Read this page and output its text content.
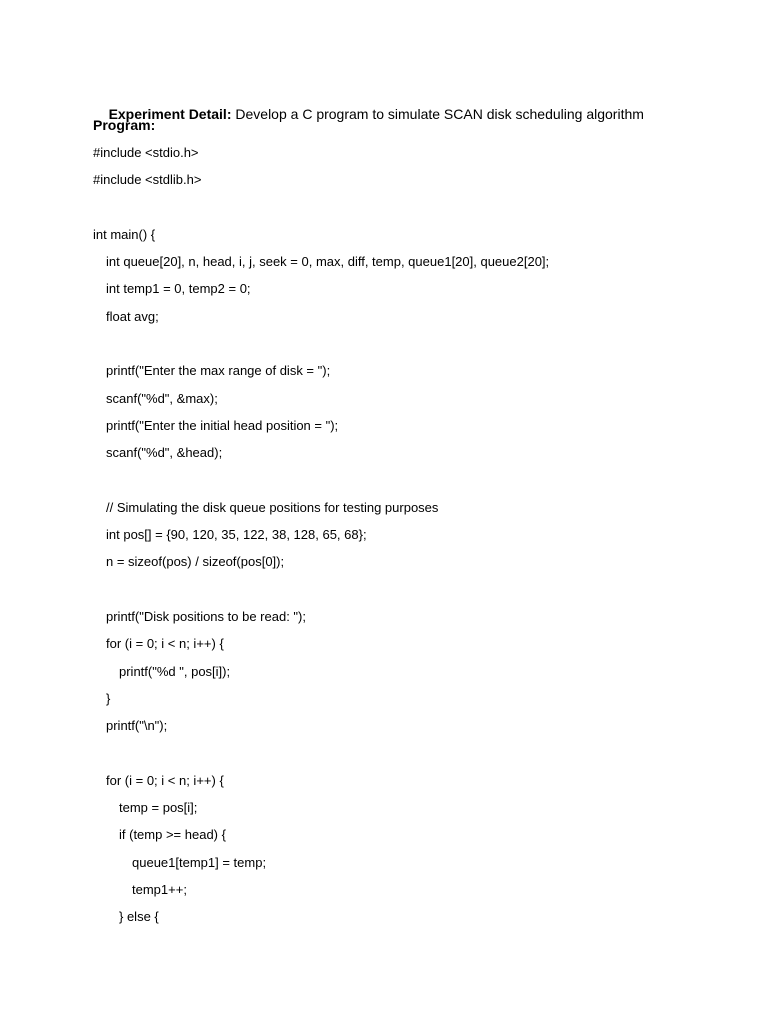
Experiment Detail: Develop a C program to simulate SCAN disk scheduling algorithm

Program:
#include <stdio.h>
#include <stdlib.h>
int main() {
int queue[20], n, head, i, j, seek = 0, max, diff, temp, queue1[20], queue2[20];
int temp1 = 0, temp2 = 0;
float avg;
printf("Enter the max range of disk = ");
scanf("%d", &max);
printf("Enter the initial head position = ");
scanf("%d", &head);
// Simulating the disk queue positions for testing purposes
int pos[] = {90, 120, 35, 122, 38, 128, 65, 68};
n = sizeof(pos) / sizeof(pos[0]);
printf("Disk positions to be read: ");
for (i = 0; i < n; i++) {
printf("%d ", pos[i]);
}
printf("\n");
for (i = 0; i < n; i++) {
temp = pos[i];
if (temp >= head) {
queue1[temp1] = temp;
temp1++;
} else {
